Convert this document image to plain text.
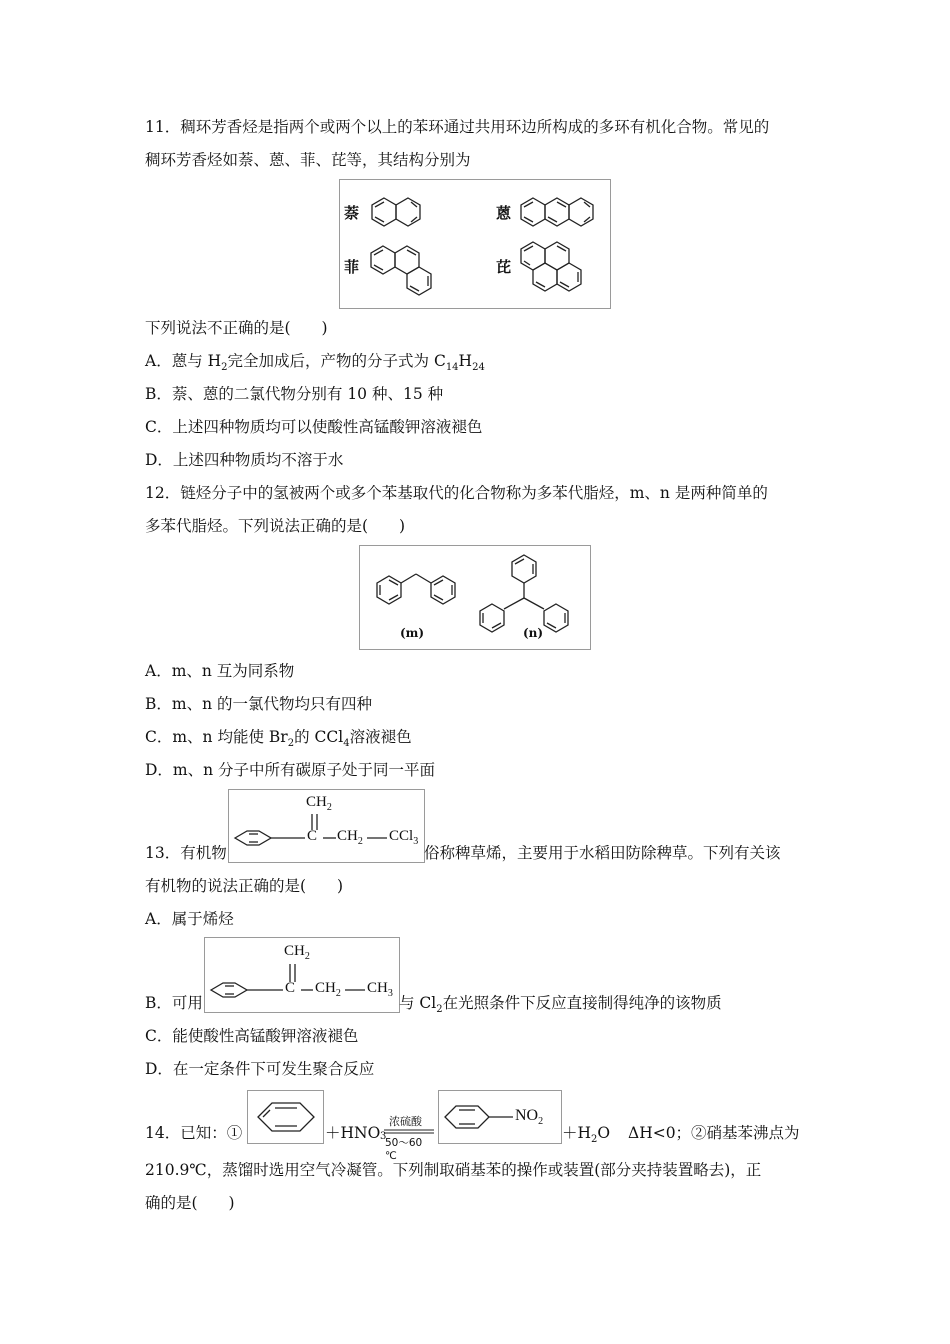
11．稠环芳香烃是指两个或两个以上的苯环通过共用环边所构成的多环有机化合物。常见的
稠环芳香烃如萘、蒽、菲、芘等，其结构分别为
萘	蒽
菲	芘
下列说法不正确的是(　　)
A．蒽与 $H_2$完全加成后，产物的分子式为 $C_{14}H_{24}$
B．萘、蒽的二氯代物分别有 10 种、15 种
C．上述四种物质均可以使酸性高锰酸钾溶液褪色
D．上述四种物质均不溶于水
12．链烃分子中的氢被两个或多个苯基取代的化合物称为多苯代脂烃，m、n 是两种简单的
多苯代脂烃。下列说法正确的是(　　)
(m)	(n)
A．m、n 互为同系物
B．m、n 的一氯代物均只有四种
C．m、n 均能使 $Br_2$的 CCl$_4$溶液褪色
D．m、n 分子中所有碳原子处于同一平面
13．有机物
$CH_2$
C $CH_2$ CCl$_3$
俗称稗草烯，主要用于水稻田防除稗草。下列有关该
有机物的说法正确的是(　　)
A．属于烯烃
B．可用
$CH_2$
C $CH_2$ $CH_3$
与 $Cl_2$在光照条件下反应直接制得纯净的该物质
C．能使酸性高锰酸钾溶液褪色
D．在一定条件下可发生聚合反应
14．已知：①	＋HNO 3
浓硫酸
50～60 ℃
$NO_2$
$+H_2O$ ΔH<0；②硝基苯沸点为
210.9℃，蒸馏时选用空气冷凝管。下列制取硝基苯的操作或装置(部分夹持装置略去)，正
确的是(　　)
